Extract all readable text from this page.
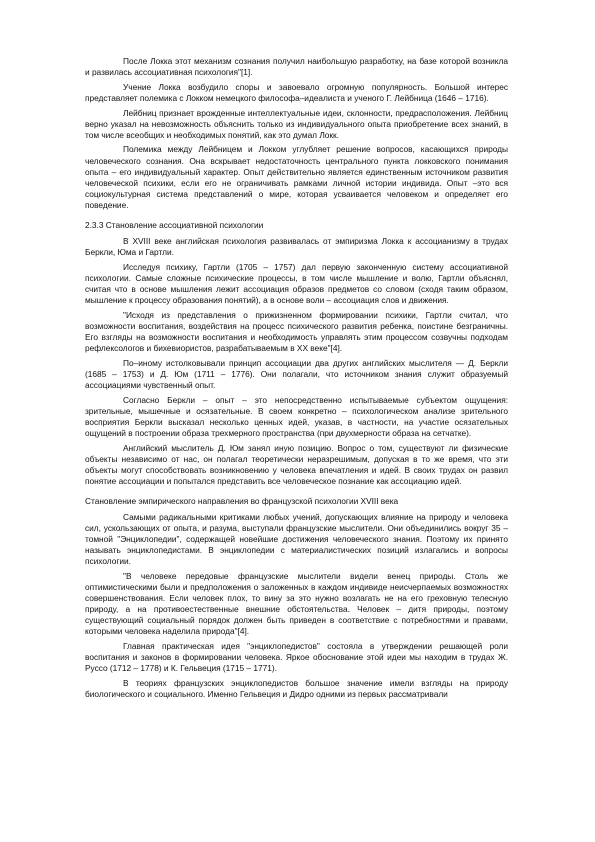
После Локка этот механизм сознания получил наибольшую разработку, на базе которой возникла и развилась ассоциативная психология"[1].

Учение Локка возбудило споры и завоевало огромную популярность. Большой интерес представляет полемика с Локком немецкого философа–идеалиста и ученого Г. Лейбница (1646 – 1716).

Лейбниц признает врожденные интеллектуальные идеи, склонности, предрасположения. Лейбниц верно указал на невозможность объяснить только из индивидуального опыта приобретение всех знаний, в том числе всеобщих и необходимых понятий, как это думал Локк.

Полемика между Лейбницем и Локком углубляет решение вопросов, касающихся природы человеческого сознания. Она вскрывает недостаточность центрального пункта локковского понимания опыта – его индивидуальный характер. Опыт действительно является единственным источником развития человеческой психики, если его не ограничивать рамками личной истории индивида. Опыт –это вся социокультурная система представлений о мире, которая усваивается человеком и определяет его поведение.

2.3.3 Становление ассоциативной психологии

В XVIII веке английская психология развивалась от эмпиризма Локка к ассоцианизму в трудах Беркли, Юма и Гартли.

Исследуя психику, Гартли (1705 – 1757) дал первую законченную систему ассоциативной психологии. Самые сложные психические процессы, в том числе мышление и волю, Гартли объяснял, считая что в основе мышления лежит ассоциация образов предметов со словом (сходя таким образом, мышление к процессу образования понятий), а в основе воли – ассоциация слов и движения.

"Исходя из представления о прижизненном формировании психики, Гартли считал, что возможности воспитания, воздействия на процесс психического развития ребенка, поистине безграничны. Его взгляды на возможности воспитания и необходимость управлять этим процессом созвучны подходам рефлексологов и бихевиористов, разрабатываемым в XX веке"[4].

По–иному истолковывали принцип ассоциации два других английских мыслителя — Д. Беркли (1685 – 1753) и Д. Юм (1711 – 1776). Они полагали, что источником знания служит образуемый ассоциациями чувственный опыт.

Согласно Беркли – опыт – это непосредственно испытываемые субъектом ощущения: зрительные, мышечные и осязательные. В своем конкретно – психологическом анализе зрительного восприятия Беркли высказал несколько ценных идей, указав, в частности, на участие осязательных ощущений в построении образа трехмерного пространства (при двухмерности образа на сетчатке).

Английский мыслитель Д. Юм занял иную позицию. Вопрос о том, существуют ли физические объекты независимо от нас, он полагал теоретически неразрешимым, допуская в то же время, что эти объекты могут способствовать возникновению у человека впечатления и идей. В своих трудах он развил понятие ассоциации и попытался представить все человеческое познание как ассоциацию идей.

Становление эмпирического направления во французской психологии XVIII века

Самыми радикальными критиками любых учений, допускающих влияние на природу и человека сил, ускользающих от опыта, и разума, выступали французские мыслители. Они объединились вокруг 35 – томной "Энциклопедии", содержащей новейшие достижения человеческого знания. Поэтому их принято называть энциклопедистами. В энциклопедии с материалистических позиций излагались и вопросы психологии.

"В человеке передовые французские мыслители видели венец природы. Столь же оптимистическими были и предположения о заложенных в каждом индивиде неисчерпаемых возможностях совершенствования. Если человек плох, то вину за это нужно возлагать не на его греховную телесную природу, а на противоестественные внешние обстоятельства. Человек – дитя природы, поэтому существующий социальный порядок должен быть приведен в соответствие с потребностями и правами, которыми человека наделила природа"[4].

Главная практическая идея "энциклопедистов" состояла в утверждении решающей роли воспитания и законов в формировании человека. Яркое обоснование этой идеи мы находим в трудах Ж. Руссо (1712 – 1778) и К. Гельвеция (1715 – 1771).

В теориях французских энциклопедистов большое значение имели взгляды на природу биологического и социального. Именно Гельвеция и Дидро одними из первых рассматривали
